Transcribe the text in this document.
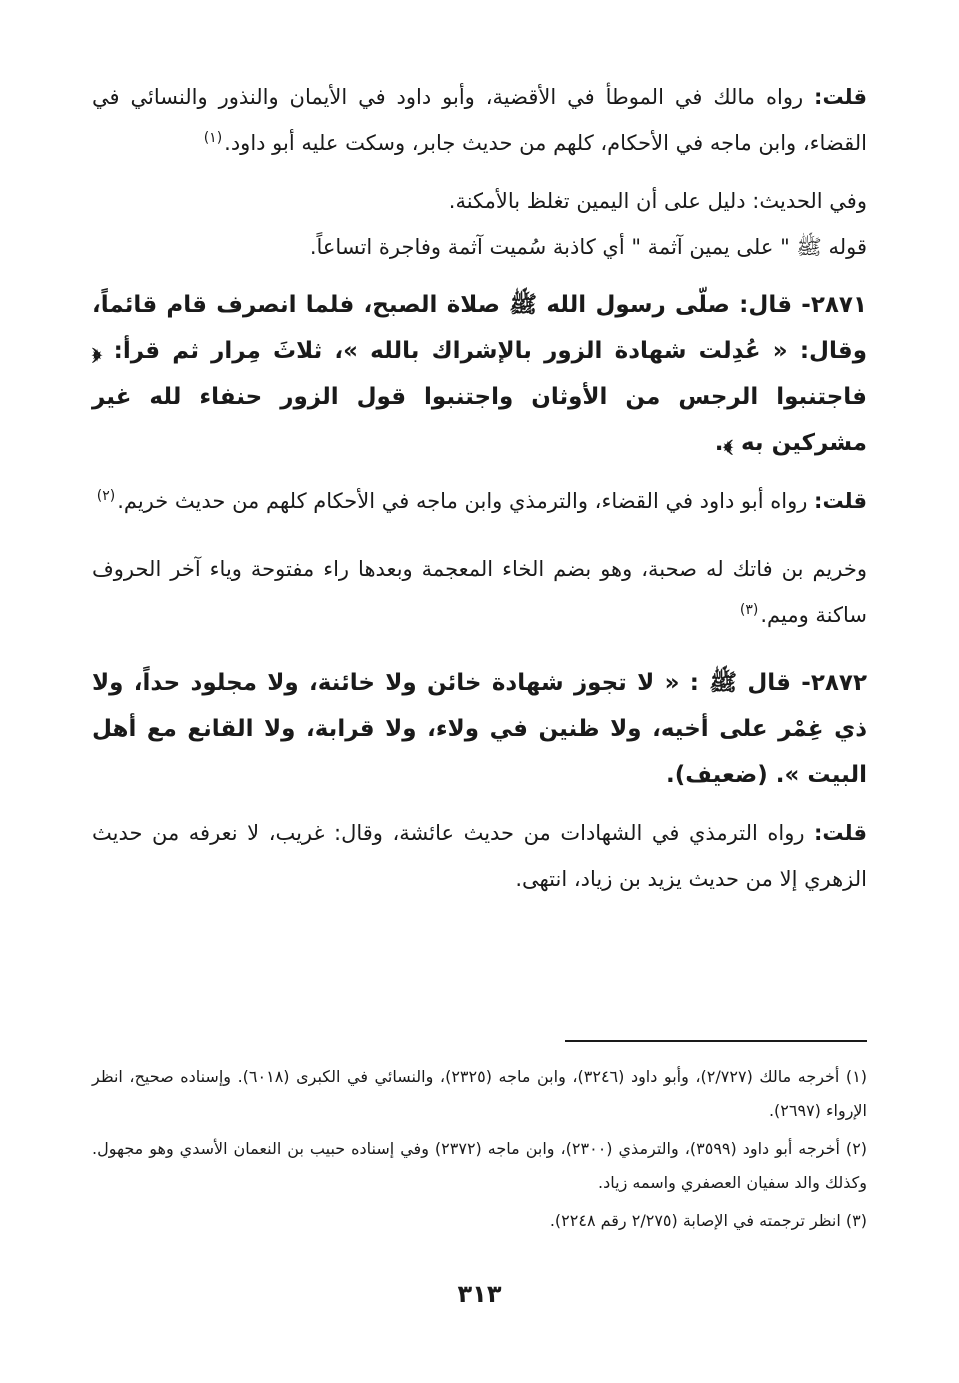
قلت: رواه مالك في الموطأ في الأقضية، وأبو داود في الأيمان والنذور والنسائي في القضاء، وابن ماجه في الأحكام، كلهم من حديث جابر، وسكت عليه أبو داود.$^{(١)}$

وفي الحديث: دليل على أن اليمين تغلظ بالأمكنة.

قوله ﷺ " على يمين آثمة " أي كاذبة سُميت آثمة وفاجرة اتساعاً.

٢٨٧١- قال: صلّى رسول الله ﷺ صلاة الصبح، فلما انصرف قام قائماً، وقال: « عُدِلت شهادة الزور بالإشراك بالله »، ثلاثَ مِرار ثم قرأ: ﴿ فاجتنبوا الرجس من الأوثان واجتنبوا قول الزور حنفاء لله غير مشركين به ﴾.

قلت: رواه أبو داود في القضاء، والترمذي وابن ماجه في الأحكام كلهم من حديث خريم.$^{(٢)}$

وخريم بن فاتك له صحبة، وهو بضم الخاء المعجمة وبعدها راء مفتوحة وياء آخر الحروف ساكنة وميم.$^{(٣)}$

٢٨٧٢- قال ﷺ : « لا تجوز شهادة خائن ولا خائنة، ولا مجلود حداً، ولا ذي غِمْر على أخيه، ولا ظنين في ولاء، ولا قرابة، ولا القانع مع أهل البيت ». (ضعيف).

قلت: رواه الترمذي في الشهادات من حديث عائشة، وقال: غريب، لا نعرفه من حديث الزهري إلا من حديث يزيد بن زياد، انتهى.

(١) أخرجه مالك (٢/٧٢٧)، وأبو داود (٣٢٤٦)، وابن ماجه (٢٣٢٥)، والنسائي في الكبرى (٦٠١٨). وإسناده صحيح، انظر الإرواء (٢٦٩٧).

(٢) أخرجه أبو داود (٣٥٩٩)، والترمذي (٢٣٠٠)، وابن ماجه (٢٣٧٢) وفي إسناده حبيب بن النعمان الأسدي وهو مجهول. وكذلك والد سفيان العصفري واسمه زياد.

(٣) انظر ترجمته في الإصابة (٢/٢٧٥ رقم ٢٢٤٨).

٣١٣
